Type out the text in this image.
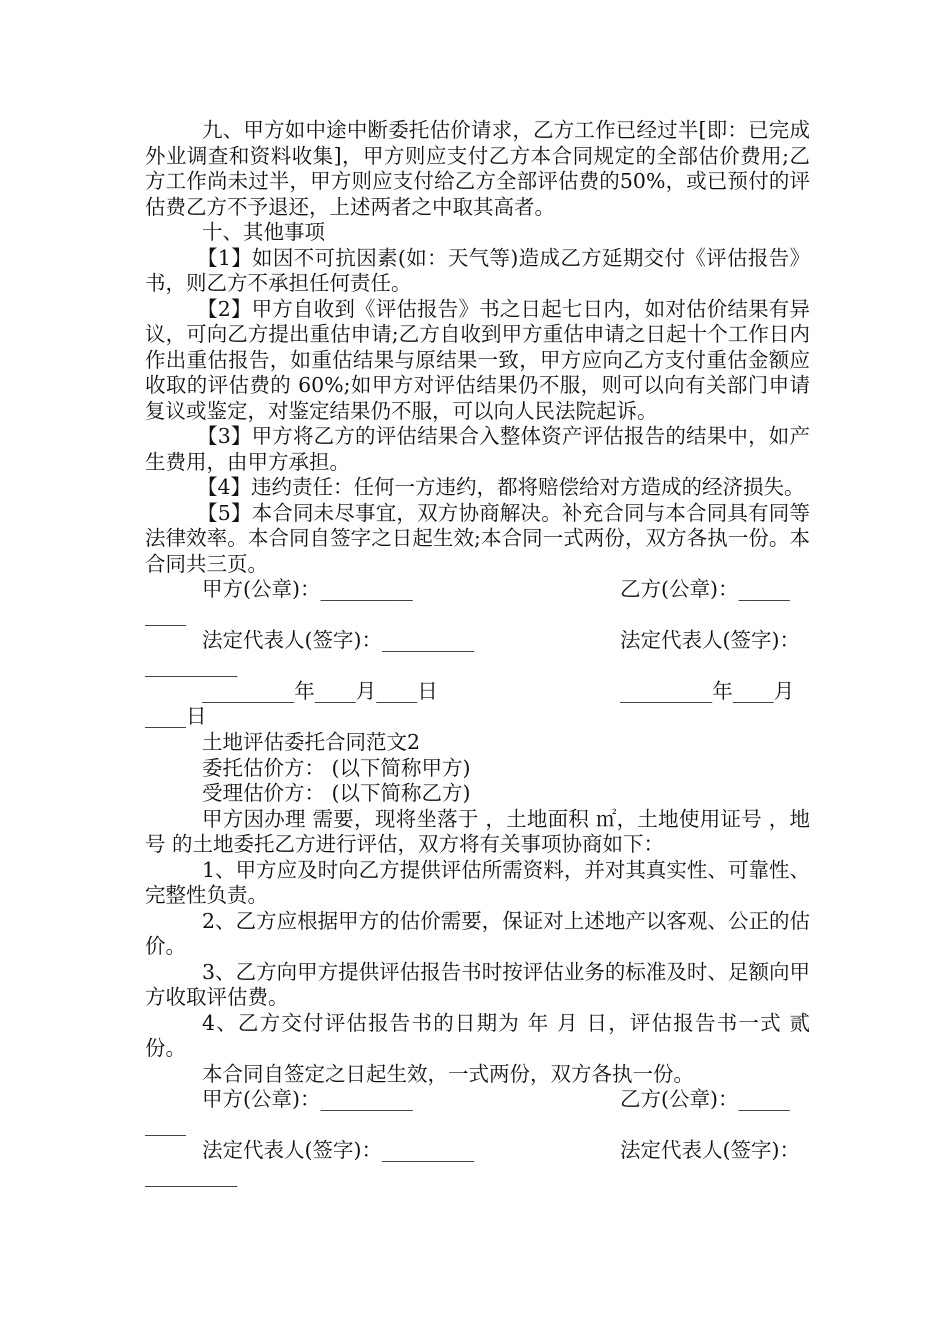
九、甲方如中途中断委托估价请求，乙方工作已经过半[即：已完成外业调查和资料收集]，甲方则应支付乙方本合同规定的全部估价费用;乙方工作尚未过半，甲方则应支付给乙方全部评估费的50%，或已预付的评估费乙方不予退还，上述两者之中取其高者。

十、其他事项

【1】如因不可抗因素(如：天气等)造成乙方延期交付《评估报告》书，则乙方不承担任何责任。

【2】甲方自收到《评估报告》书之日起七日内，如对估价结果有异议，可向乙方提出重估申请;乙方自收到甲方重估申请之日起十个工作日内作出重估报告，如重估结果与原结果一致，甲方应向乙方支付重估金额应收取的评估费的 60%;如甲方对评估结果仍不服，则可以向有关部门申请复议或鉴定，对鉴定结果仍不服，可以向人民法院起诉。

【3】甲方将乙方的评估结果合入整体资产评估报告的结果中，如产生费用，由甲方承担。

【4】违约责任：任何一方违约，都将赔偿给对方造成的经济损失。

【5】本合同未尽事宜，双方协商解决。补充合同与本合同具有同等法律效率。本合同自签字之日起生效;本合同一式两份，双方各执一份。本合同共三页。

甲方(公章)：_________	乙方(公章)：_____
____
法定代表人(签字)：_________	法定代表人(签字)：
_________
_________年____月____日	_________年____月
____日

土地评估委托合同范文2

委托估价方： (以下简称甲方)

受理估价方： (以下简称乙方)

甲方因办理 需要，现将坐落于 ，土地面积 ㎡，土地使用证号 ，地号 的土地委托乙方进行评估，双方将有关事项协商如下：

1、甲方应及时向乙方提供评估所需资料，并对其真实性、可靠性、完整性负责。

2、乙方应根据甲方的估价需要，保证对上述地产以客观、公正的估价。

3、乙方向甲方提供评估报告书时按评估业务的标准及时、足额向甲方收取评估费。

4、乙方交付评估报告书的日期为 年 月 日，评估报告书一式 贰 份。

本合同自签定之日起生效，一式两份，双方各执一份。

甲方(公章)：_________	乙方(公章)：_____
____
法定代表人(签字)：_________	法定代表人(签字)：
_________
